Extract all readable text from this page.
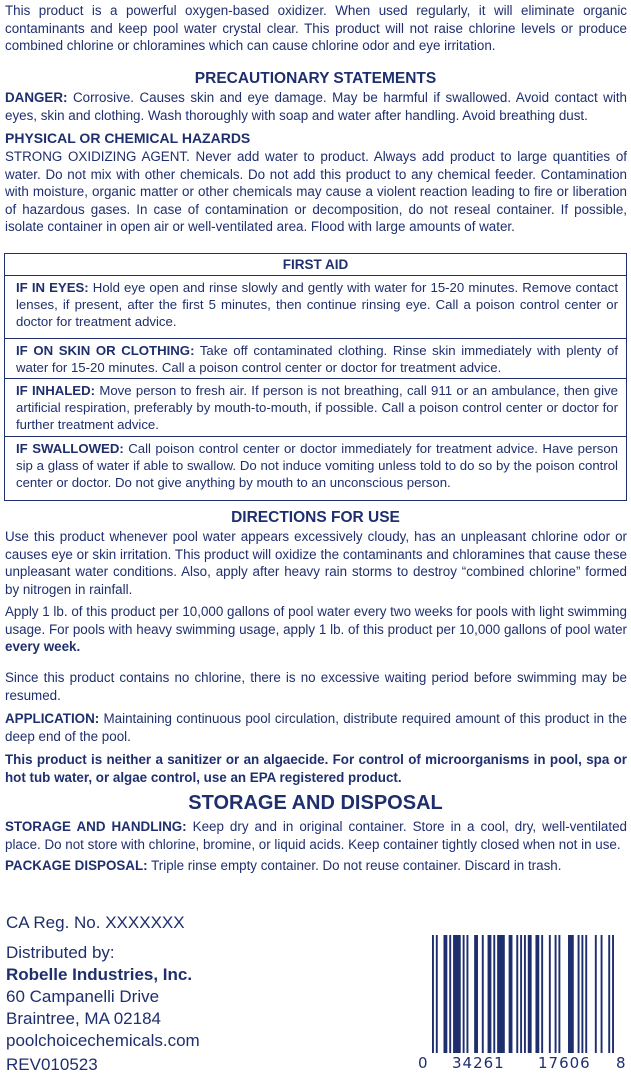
This product is a powerful oxygen-based oxidizer. When used regularly, it will eliminate organic contaminants and keep pool water crystal clear. This product will not raise chlorine levels or produce combined chlorine or chloramines which can cause chlorine odor and eye irritation.

PRECAUTIONARY STATEMENTS

DANGER: Corrosive. Causes skin and eye damage. May be harmful if swallowed. Avoid contact with eyes, skin and clothing. Wash thoroughly with soap and water after handling. Avoid breathing dust.

PHYSICAL OR CHEMICAL HAZARDS

STRONG OXIDIZING AGENT. Never add water to product. Always add product to large quantities of water. Do not mix with other chemicals. Do not add this product to any chemical feeder. Contamination with moisture, organic matter or other chemicals may cause a violent reaction leading to fire or liberation of hazardous gases. In case of contamination or decomposition, do not reseal container. If possible, isolate container in open air or well-ventilated area. Flood with large amounts of water.

FIRST AID

IF IN EYES: Hold eye open and rinse slowly and gently with water for 15-20 minutes. Remove contact lenses, if present, after the first 5 minutes, then continue rinsing eye. Call a poison control center or doctor for treatment advice.

IF ON SKIN OR CLOTHING: Take off contaminated clothing. Rinse skin immediately with plenty of water for 15-20 minutes. Call a poison control center or doctor for treatment advice.

IF INHALED: Move person to fresh air. If person is not breathing, call 911 or an ambulance, then give artificial respiration, preferably by mouth-to-mouth, if possible. Call a poison control center or doctor for further treatment advice.

IF SWALLOWED: Call poison control center or doctor immediately for treatment advice. Have person sip a glass of water if able to swallow. Do not induce vomiting unless told to do so by the poison control center or doctor. Do not give anything by mouth to an unconscious person.

DIRECTIONS FOR USE

Use this product whenever pool water appears excessively cloudy, has an unpleasant chlorine odor or causes eye or skin irritation. This product will oxidize the contaminants and chloramines that cause these unpleasant water conditions. Also, apply after heavy rain storms to destroy “combined chlorine” formed by nitrogen in rainfall.

Apply 1 lb. of this product per 10,000 gallons of pool water every two weeks for pools with light swimming usage. For pools with heavy swimming usage, apply 1 lb. of this product per 10,000 gallons of pool water every week.

Since this product contains no chlorine, there is no excessive waiting period before swimming may be resumed.

APPLICATION: Maintaining continuous pool circulation, distribute required amount of this product in the deep end of the pool.

This product is neither a sanitizer or an algaecide. For control of microorganisms in pool, spa or hot tub water, or algae control, use an EPA registered product.

STORAGE AND DISPOSAL

STORAGE AND HANDLING: Keep dry and in original container. Store in a cool, dry, well-ventilated place. Do not store with chlorine, bromine, or liquid acids. Keep container tightly closed when not in use.

PACKAGE DISPOSAL: Triple rinse empty container. Do not reuse container. Discard in trash.

CA Reg. No. XXXXXXX
Distributed by:
Robelle Industries, Inc.
60 Campanelli Drive
Braintree, MA 02184
poolchoicechemicals.com
REV010523	0 34261 17606 8
